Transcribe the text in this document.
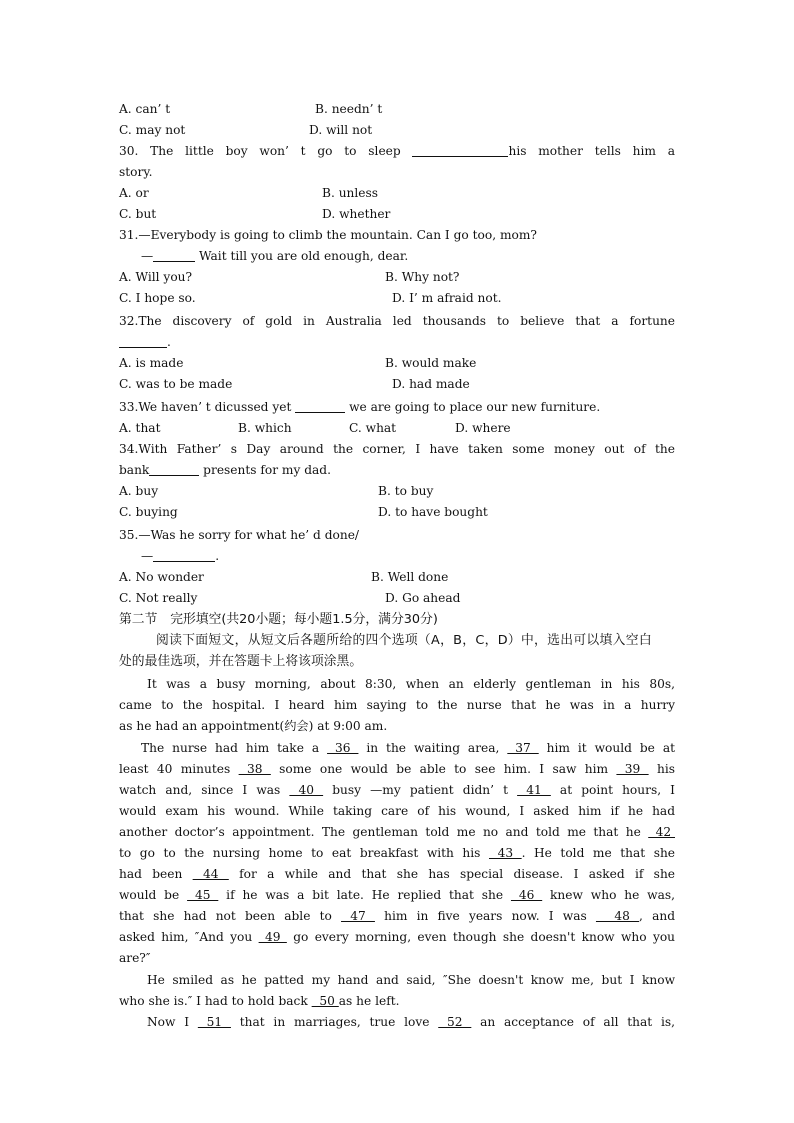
A. can’ t	B. needn’ t
C. may not	D. will not
30. The little boy won’ t go to sleep	his mother tells him a
story.
A. or	B. unless
C. but	D. whether
31.—Everybody is going to climb the mountain. Can I go too, mom?
—	Wait till you are old enough, dear.
A. Will you?	B. Why not?
C. I hope so.	D. I’ m afraid not.
32.The discovery of gold in Australia led thousands to believe that a fortune
.
A. is made	B. would make
C. was to be made	D. had made
33.We haven’ t dicussed yet	we are going to place our new furniture.
A. that	B. which	C. what	D. where
34.With Father’ s Day around the corner, I have taken some money out of the
bank	presents for my dad.
A. buy	B. to buy
C. buying	D. to have bought
35.—Was he sorry for what he’ d done/
—	.
A. No wonder	B. Well done
C. Not really	D. Go ahead
第二节　完形填空(共20小题；每小题1.5分，满分30分)
阅读下面短文，从短文后各题所给的四个选项（A，B，C，D）中，选出可以填入空白
处的最佳选项，并在答题卡上将该项涂黑。
It was a busy morning, about 8:30, when an elderly gentleman in his 80s,
came to the hospital. I heard him saying to the nurse that he was in a hurry
as he had an appointment(约会) at 9:00 am.
The nurse had him take a  36  in the waiting area,  37  him it would be at
least 40 minutes  38  some one would be able to see him. I saw him  39  his
watch and, since I was  40  busy —my patient didn’ t  41  at point hours, I
would exam his wound. While taking care of his wound, I asked him if he had
another doctor’s appointment. The gentleman told me no and told me that he  42
to go to the nursing home to eat breakfast with his  43 . He told me that she
had been  44  for a while and that she has special disease. I asked if she
would be  45  if he was a bit late. He replied that she  46  knew who he was,
that she had not been able to  47  him in five years now. I was   48 , and
asked him, ″And you  49  go every morning, even though she doesn't know who you
are?″
He smiled as he patted my hand and said, ″She doesn't know me, but I know
who she is.″ I had to hold back   50 as he left.
Now I  51  that in marriages, true love  52  an acceptance of all that is,
